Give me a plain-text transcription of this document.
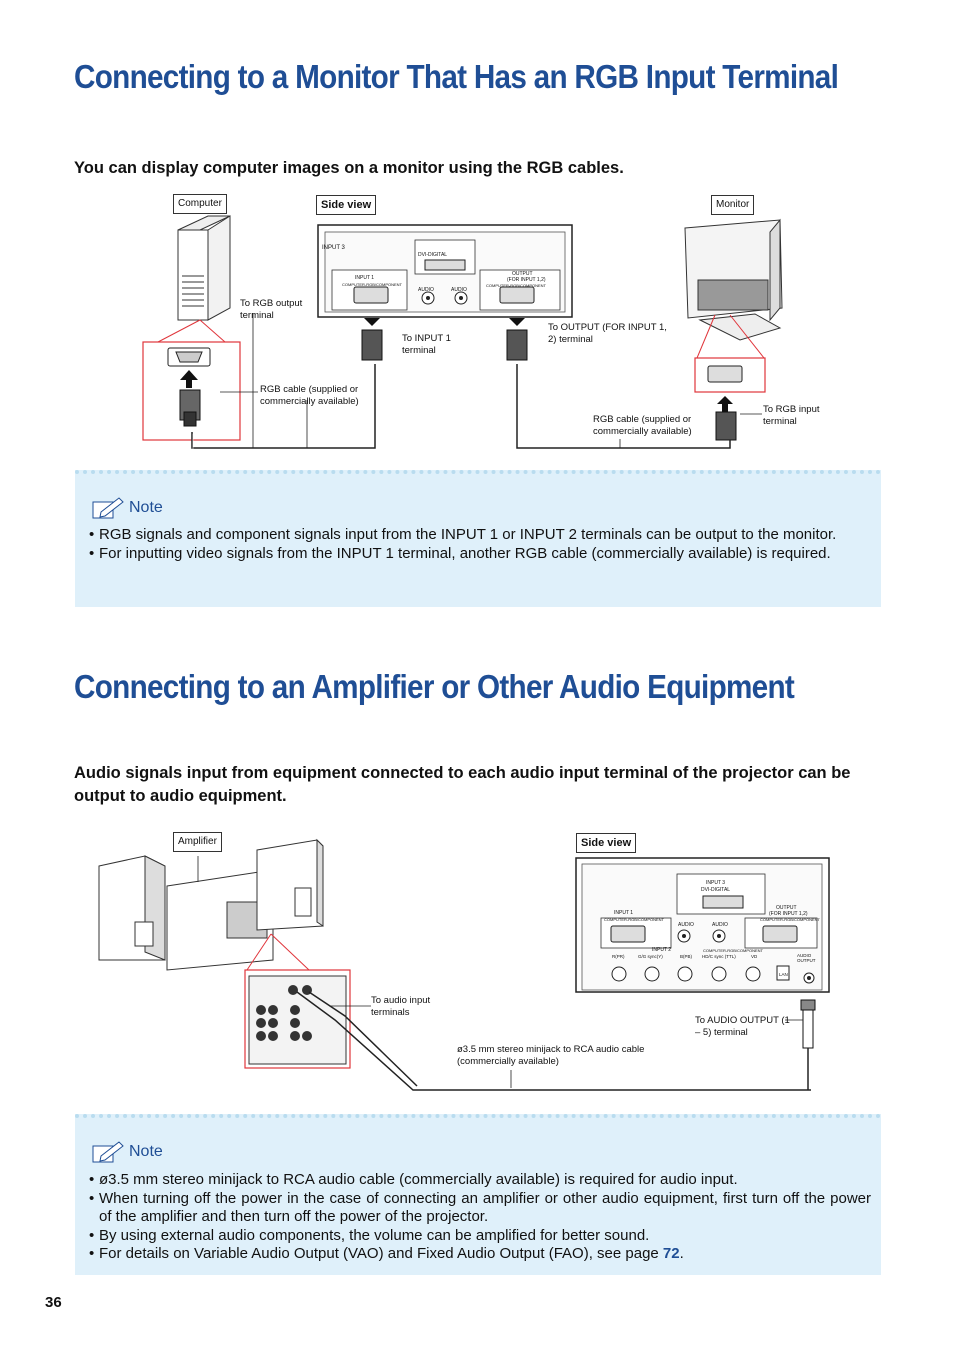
Connecting to a Monitor That Has an RGB Input Terminal
You can display computer images on a monitor using the RGB cables.
Computer	Side view	Monitor
INPUT 3
DVI-DIGITAL
INPUT 1
COMPUTER-RGB/COMPONENT
AUDIO	AUDIO
OUTPUT
(FOR INPUT 1,2)
COMPUTER-RGB/COMPONENT
To RGB output terminal
To INPUT 1 terminal
To OUTPUT (FOR INPUT 1, 2) terminal
RGB cable (supplied or commercially available)
RGB cable (supplied or commercially available)
To RGB input terminal
Note
• RGB signals and component signals input from the INPUT 1 or INPUT 2 terminals can be output to the monitor.
• For inputting video signals from the INPUT 1 terminal, another RGB cable (commercially available) is required.
Connecting to an Amplifier or Other Audio Equipment
Audio signals input from equipment connected to each audio input terminal of the projector can be output to audio equipment.
Amplifier	Side view
INPUT 3
DVI-DIGITAL
INPUT 1
COMPUTER-RGB/COMPONENT
AUDIO	AUDIO
OUTPUT
(FOR INPUT 1,2)
COMPUTER-RGB/COMPONENT
INPUT 2	COMPUTER-RGB/COMPONENT
R(PR)	G/G sync(Y)	B(PB) HD/C sync (TTL)	VD
LAN
AUDIO OUTPUT
To audio input terminals
To AUDIO OUTPUT (1 – 5) terminal
ø3.5 mm stereo minijack to RCA audio cable (commercially available)
Note
• ø3.5 mm stereo minijack to RCA audio cable (commercially available) is required for audio input.
• When turning off the power in the case of connecting an amplifier or other audio equipment, first turn off the power of the amplifier and then turn off the power of the projector.
• By using external audio components, the volume can be amplified for better sound.
• For details on Variable Audio Output (VAO) and Fixed Audio Output (FAO), see page 72.
36
